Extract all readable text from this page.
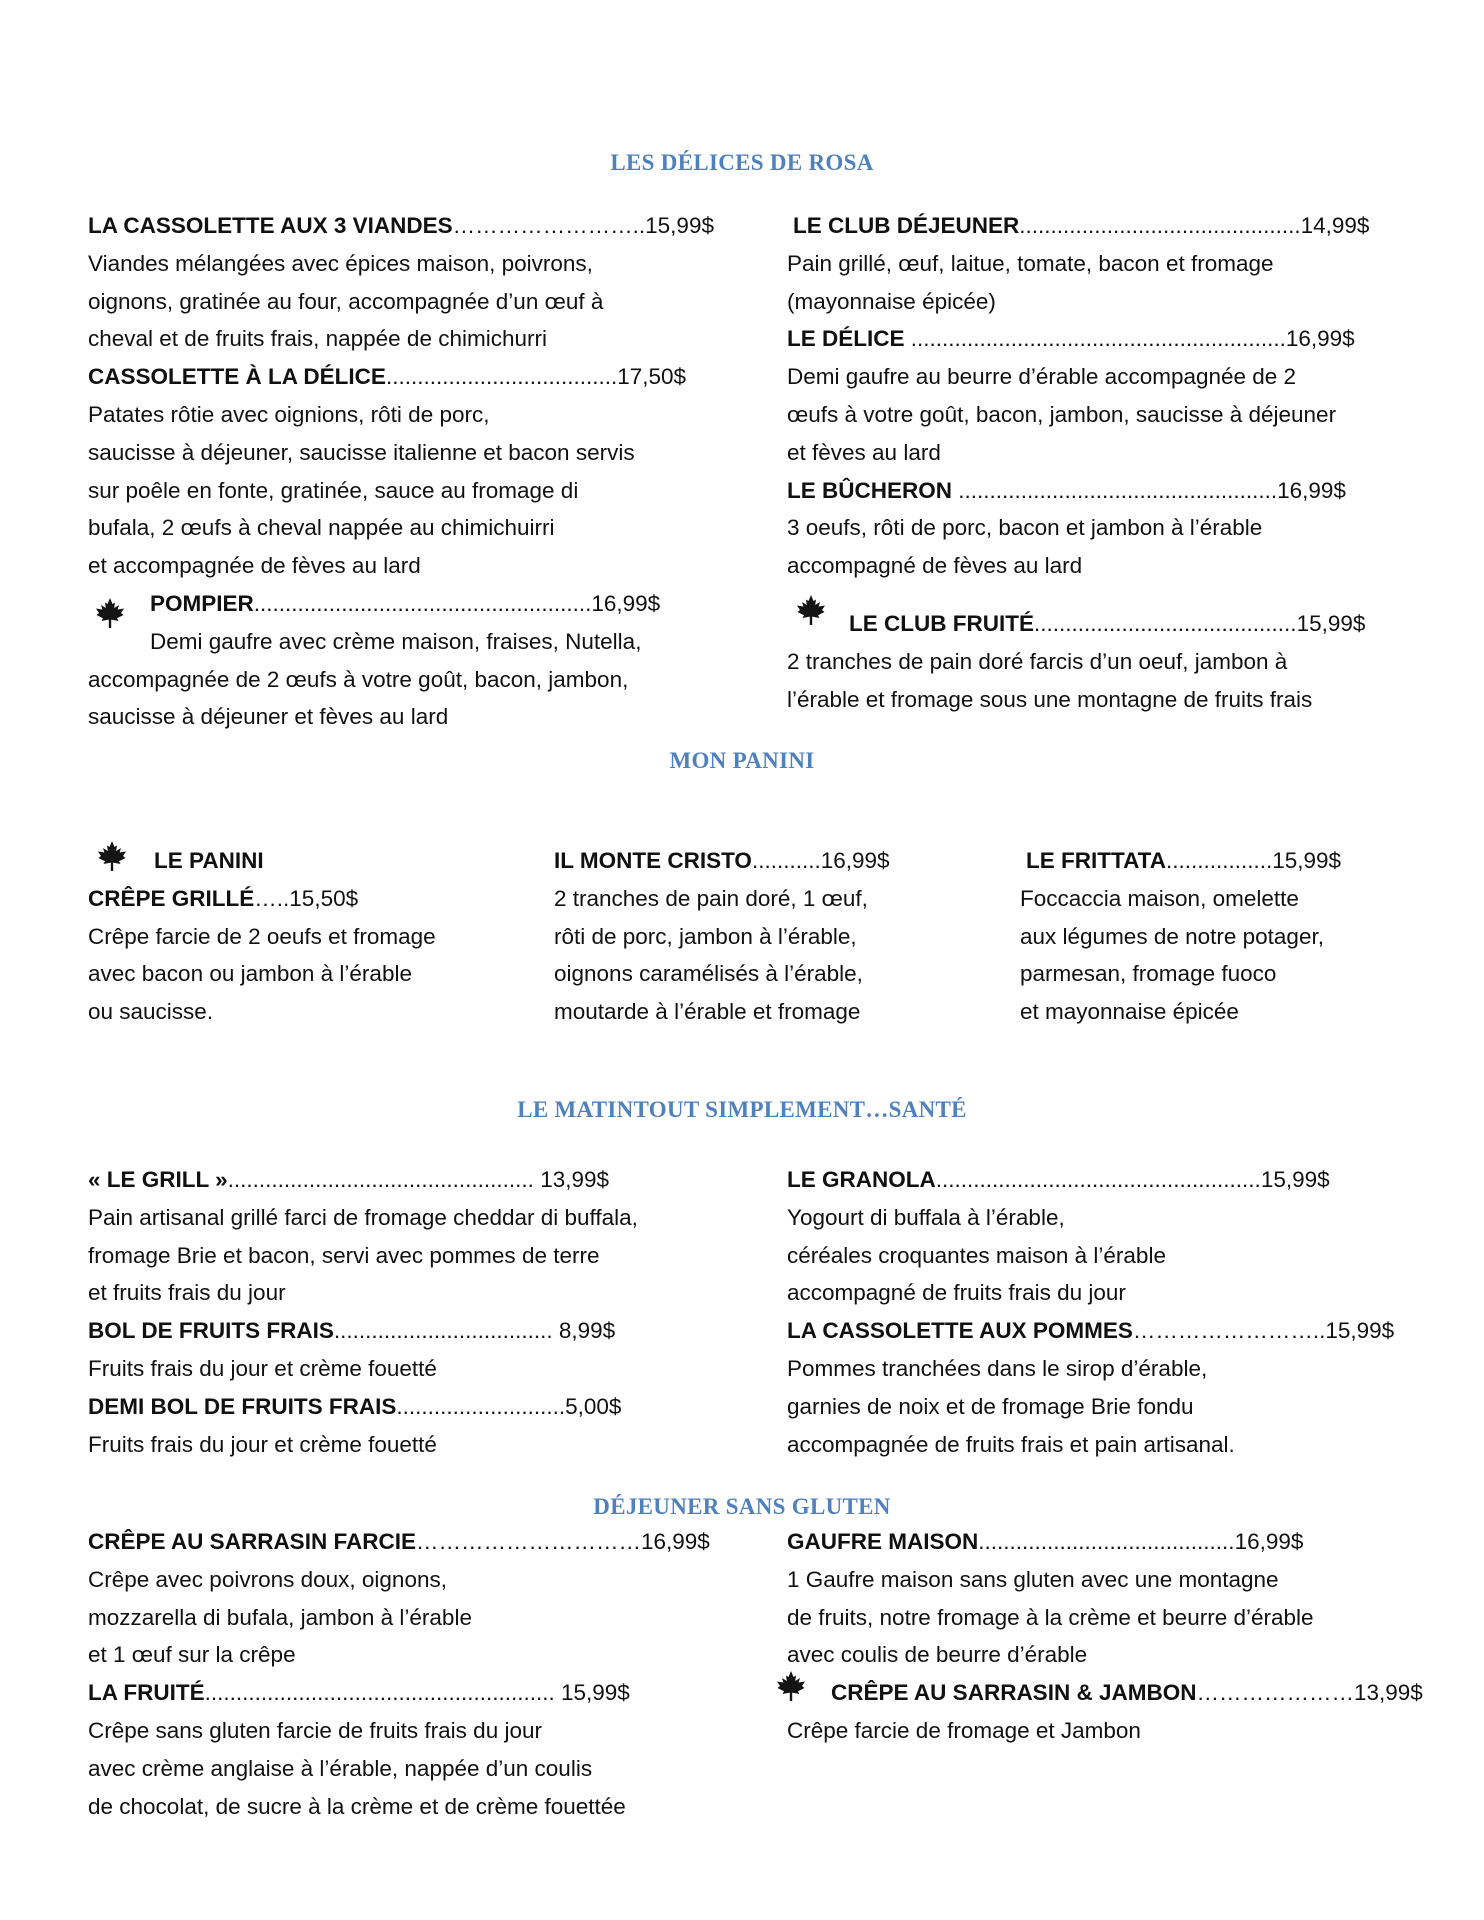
LES DÉLICES DE ROSA
MON PANINI
LE MATINTOUT SIMPLEMENT…SANTÉ
DÉJEUNER SANS GLUTEN
LA CASSOLETTE AUX 3 VIANDES……………………..15,99$
Viandes mélangées avec épices maison, poivrons,
oignons, gratinée au four, accompagnée d’un œuf à
cheval et de fruits frais, nappée de chimichurri
CASSOLETTE À LA DÉLICE.....................................17,50$
Patates rôtie avec oignions, rôti de porc,
saucisse à déjeuner, saucisse italienne et bacon servis
sur poêle en fonte, gratinée, sauce au fromage di
bufala, 2 œufs à cheval nappée au chimichuirri
et accompagnée de fèves au lard
POMPIER......................................................16,99$
Demi gaufre avec crème maison, fraises, Nutella,
accompagnée de 2 œufs à votre goût, bacon, jambon,
saucisse à déjeuner et fèves au lard
LE CLUB DÉJEUNER.............................................14,99$
Pain grillé, œuf, laitue, tomate, bacon et fromage
(mayonnaise épicée)
LE DÉLICE ............................................................16,99$
Demi gaufre au beurre d’érable accompagnée de 2
œufs à votre goût, bacon, jambon, saucisse à déjeuner
et fèves au lard
LE BÛCHERON ...................................................16,99$
3 oeufs, rôti de porc, bacon et jambon à l’érable
accompagné de fèves au lard
LE CLUB FRUITÉ..........................................15,99$
2 tranches de pain doré farcis d’un oeuf, jambon à
l’érable et fromage sous une montagne de fruits frais
LE PANINI
CRÊPE GRILLÉ…..15,50$
Crêpe farcie de 2 oeufs et fromage
avec bacon ou jambon à l’érable
ou saucisse.
IL MONTE CRISTO...........16,99$
2 tranches de pain doré, 1 œuf,
rôti de porc, jambon à l’érable,
oignons caramélisés à l’érable,
moutarde à l’érable et fromage
LE FRITTATA.................15,99$
Foccaccia maison, omelette
aux légumes de notre potager,
parmesan, fromage fuoco
et mayonnaise épicée
« LE GRILL »................................................. 13,99$
Pain artisanal grillé farci de fromage cheddar di buffala,
fromage Brie et bacon, servi avec pommes de terre
et fruits frais du jour
BOL DE FRUITS FRAIS................................... 8,99$
Fruits frais du jour et crème fouetté
DEMI BOL DE FRUITS FRAIS...........................5,00$
Fruits frais du jour et crème fouetté
LE GRANOLA....................................................15,99$
Yogourt di buffala à l’érable,
céréales croquantes maison à l’érable
accompagné de fruits frais du jour
LA CASSOLETTE AUX POMMES……………………..15,99$
Pommes tranchées dans le sirop d’érable,
garnies de noix et de fromage Brie fondu
accompagnée de fruits frais et pain artisanal.
CRÊPE AU SARRASIN FARCIE…………………………16,99$
Crêpe avec poivrons doux, oignons,
mozzarella di bufala, jambon à l’érable
et 1 œuf sur la crêpe
LA FRUITÉ........................................................ 15,99$
Crêpe sans gluten farcie de fruits frais du jour
avec crème anglaise à l’érable, nappée d’un coulis
de chocolat, de sucre à la crème et de crème fouettée
GAUFRE MAISON.........................................16,99$
1 Gaufre maison sans gluten avec une montagne
de fruits, notre fromage à la crème et beurre d’érable
avec coulis de beurre d’érable
CRÊPE AU SARRASIN & JAMBON…………………13,99$
Crêpe farcie de fromage et Jambon
